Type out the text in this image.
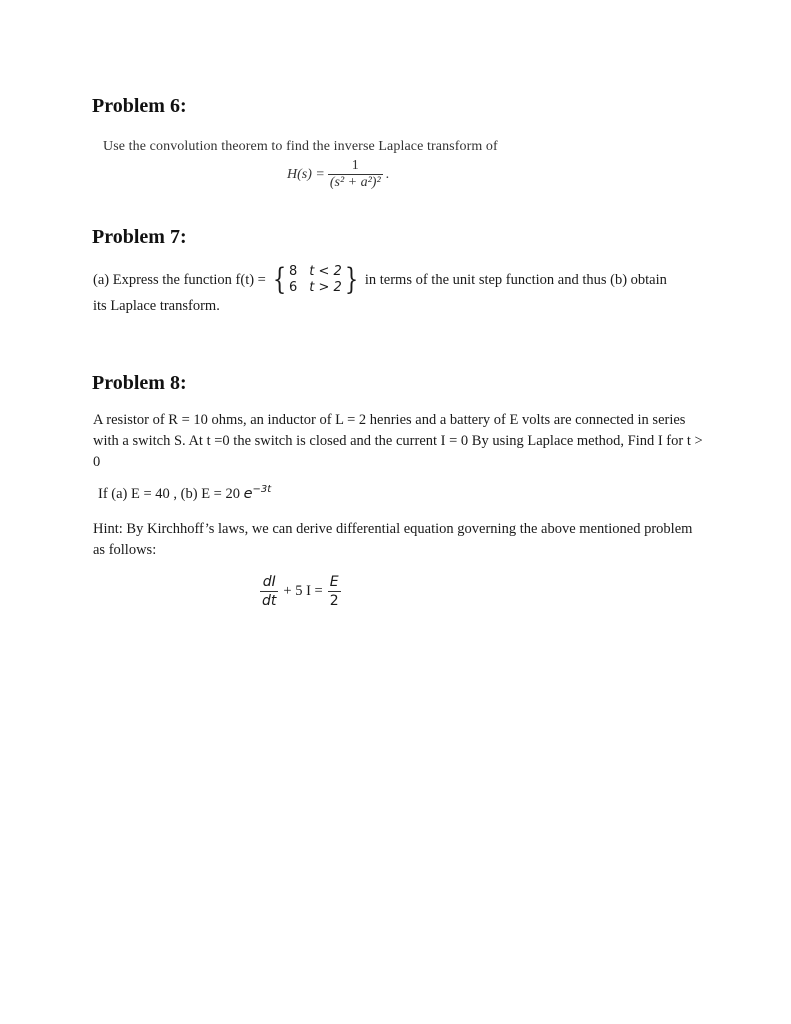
Problem 6:
Use the convolution theorem to find the inverse Laplace transform of
$H(s) = \frac{1}{\text{(s² + a²)²}}$ .
Problem 7:
(a) Express the function f(t) = { 8 t < 2
6 t > 2 } in terms of the unit step function and thus (b) obtain
its Laplace transform.
Problem 8:
A resistor of R = 10 ohms, an inductor of L = 2 henries and a battery of E volts are connected in series with a switch S. At t =0 the switch is closed and the current I = 0 By using Laplace method, Find I for t > 0
If (a) E = 40 , (b) E = 20 $e^{-3t}$
Hint: By Kirchhoff’s laws, we can derive differential equation governing the above mentioned problem as follows:
$\frac{dI}{dt} + 5$ $I = \frac{E}{2}$
